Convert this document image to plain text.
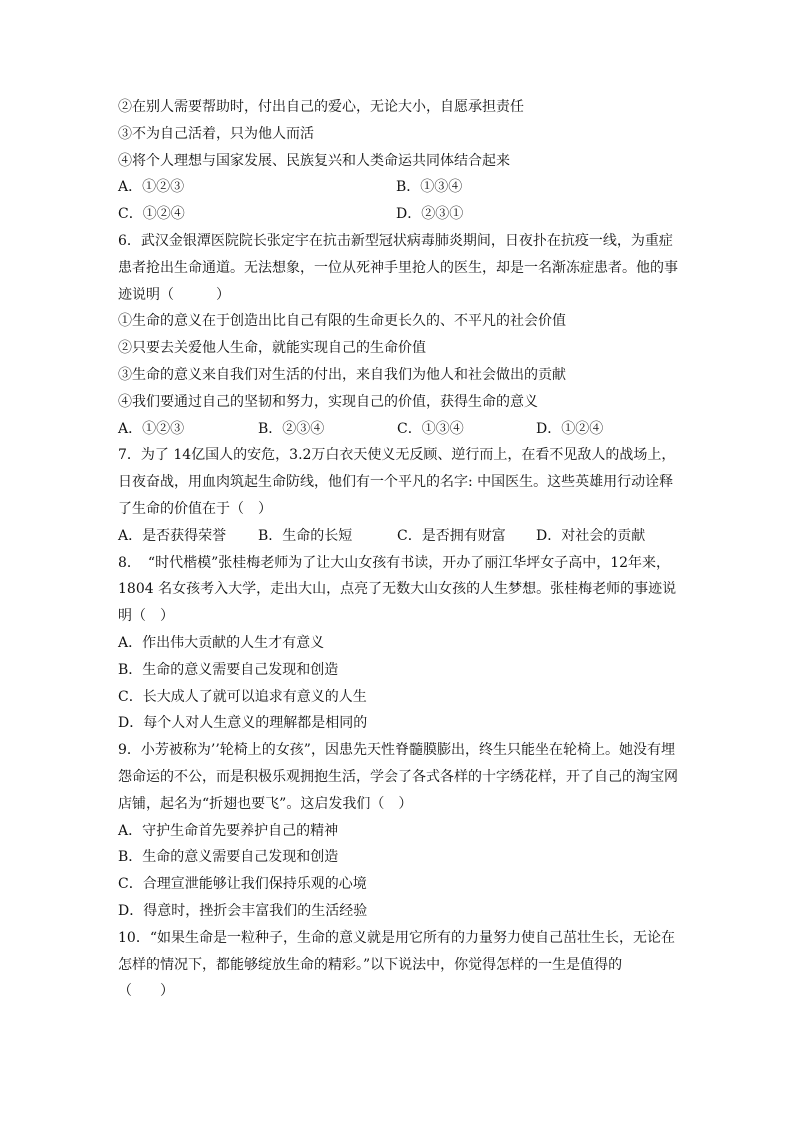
②在别人需要帮助时，付出自己的爱心，无论大小，自愿承担责任
③不为自己活着，只为他人而活
④将个人理想与国家发展、民族复兴和人类命运共同体结合起来
A．①②③	B．①③④
C．①②④	D．②③①
6．武汉金银潭医院院长张定宇在抗击新型冠状病毒肺炎期间，日夜扑在抗疫一线，为重症
患者抢出生命通道。无法想象，一位从死神手里抢人的医生，却是一名渐冻症患者。他的事
迹说明（　　　）
①生命的意义在于创造出比自己有限的生命更长久的、不平凡的社会价值
②只要去关爱他人生命，就能实现自己的生命价值
③生命的意义来自我们对生活的付出，来自我们为他人和社会做出的贡献
④我们要通过自己的坚韧和努力，实现自己的价值，获得生命的意义
A．①②③	B．②③④	C．①③④	D．①②④
7．为了 14亿国人的安危，3.2万白衣天使义无反顾、逆行而上，在看不见敌人的战场上，
日夜奋战，用血肉筑起生命防线，他们有一个平凡的名字: 中国医生。这些英雄用行动诠释
了生命的价值在于（　）
A．是否获得荣誉 B．生命的长短	C．是否拥有财富 D．对社会的贡献
8．　“时代楷模”张桂梅老师为了让大山女孩有书读，开办了丽江华坪女子高中，12年来，
1804 名女孩考入大学，走出大山，点亮了无数大山女孩的人生梦想。张桂梅老师的事迹说
明（　）
A．作出伟大贡献的人生才有意义
B．生命的意义需要自己发现和创造
C．长大成人了就可以追求有意义的人生
D．每个人对人生意义的理解都是相同的
9．小芳被称为’’轮椅上的女孩”，因患先天性脊髓膜膨出，终生只能坐在轮椅上。她没有埋
怨命运的不公，而是积极乐观拥抱生活，学会了各式各样的十字绣花样，开了自己的淘宝网
店铺，起名为“折翅也要飞”。这启发我们（　）
A．守护生命首先要养护自己的精神
B．生命的意义需要自己发现和创造
C．合理宣泄能够让我们保持乐观的心境
D．得意时，挫折会丰富我们的生活经验
10．“如果生命是一粒种子，生命的意义就是用它所有的力量努力使自己茁壮生长，无论在
怎样的情况下，都能够绽放生命的精彩。”以下说法中，你觉得怎样的一生是值得的
（　　）
